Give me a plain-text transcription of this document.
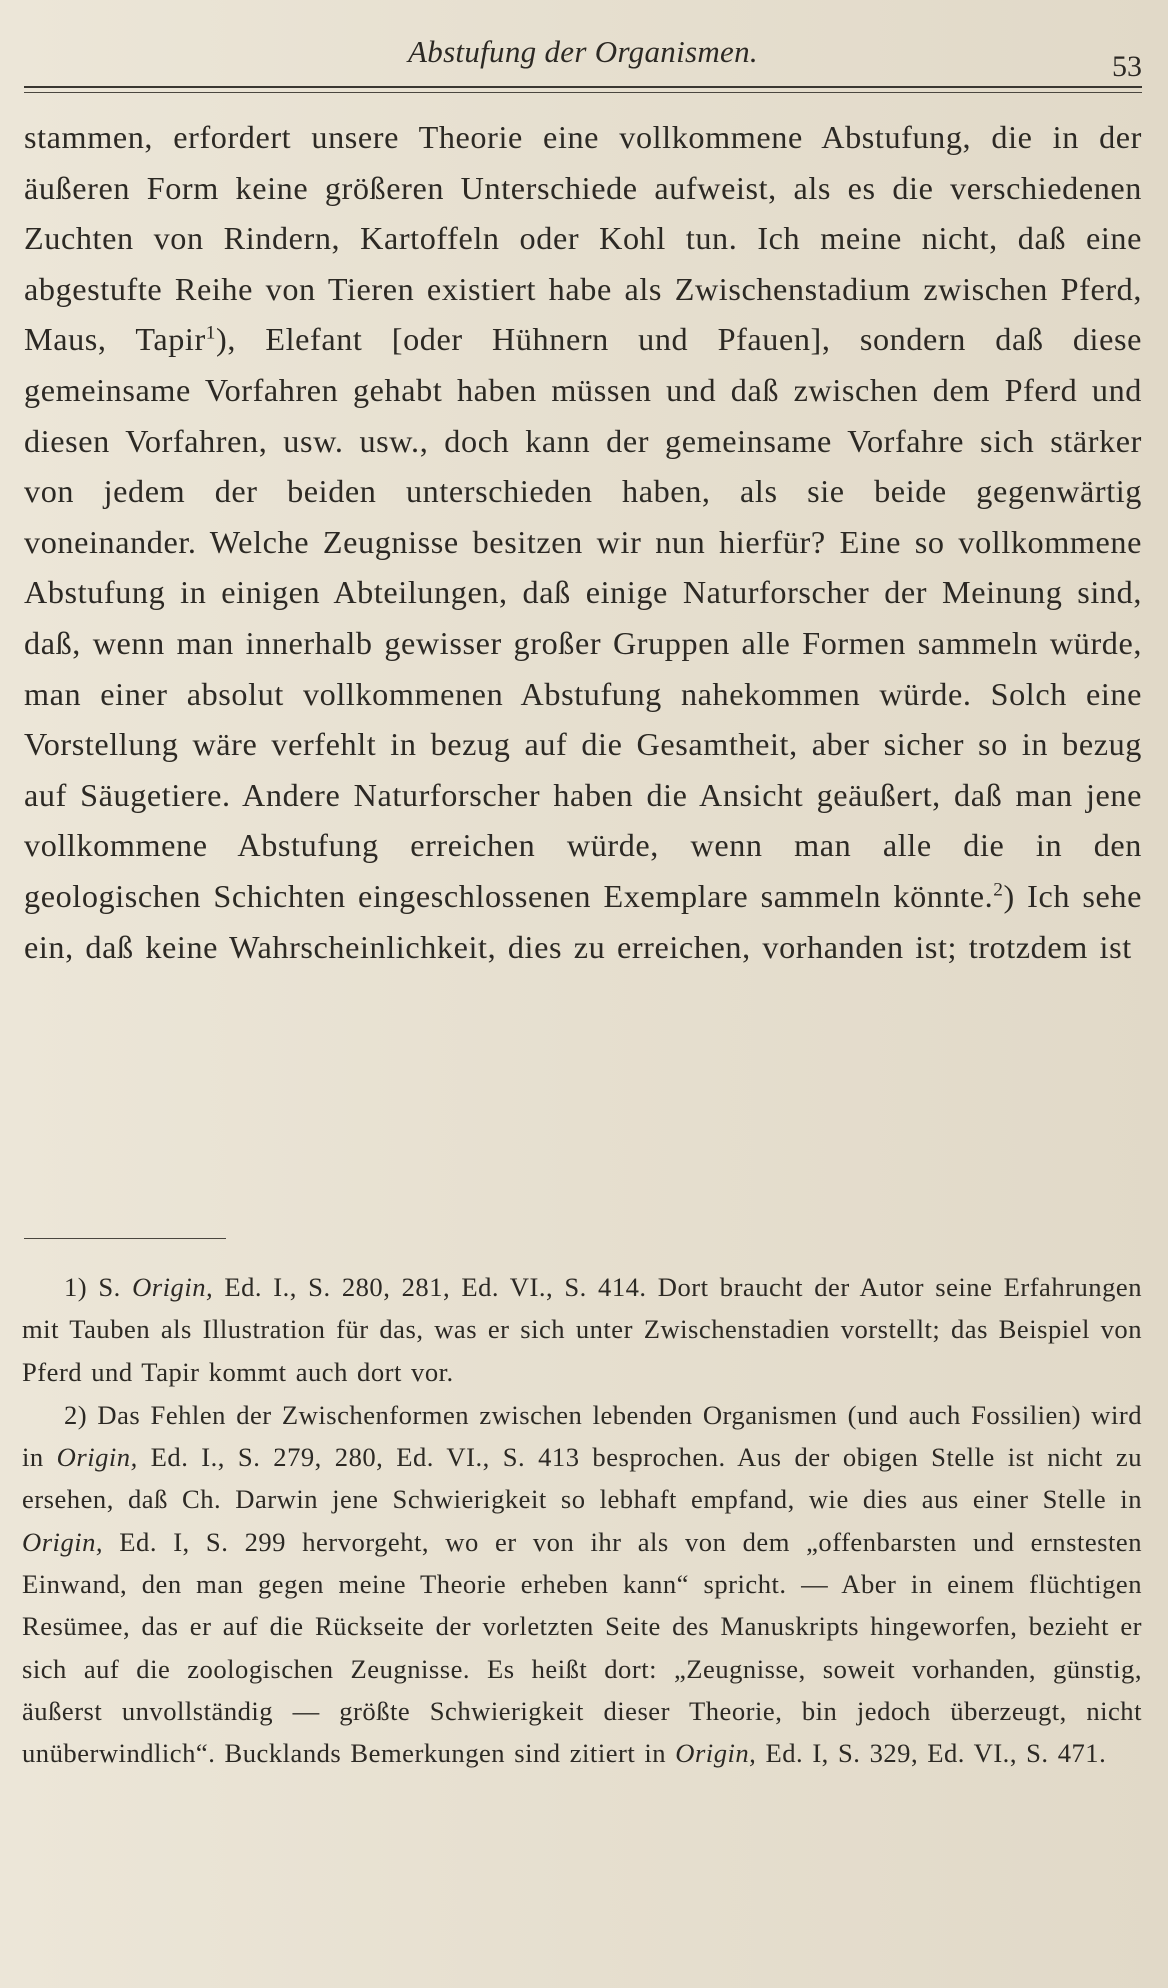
Abstufung der Organismen.	53

stammen, erfordert unsere Theorie eine vollkommene Abstufung, die in der äußeren Form keine größeren Unterschiede aufweist, als es die verschiedenen Zuchten von Rindern, Kartoffeln oder Kohl tun. Ich meine nicht, daß eine abgestufte Reihe von Tieren existiert habe als Zwischenstadium zwischen Pferd, Maus, Tapir$^1$), Elefant [oder Hühnern und Pfauen], sondern daß diese gemeinsame Vorfahren gehabt haben müssen und daß zwischen dem Pferd und diesen Vorfahren, usw. usw., doch kann der gemeinsame Vorfahre sich stärker von jedem der beiden unterschieden haben, als sie beide gegenwärtig voneinander. Welche Zeugnisse besitzen wir nun hierfür? Eine so vollkommene Abstufung in einigen Abteilungen, daß einige Naturforscher der Meinung sind, daß, wenn man innerhalb gewisser großer Gruppen alle Formen sammeln würde, man einer absolut vollkommenen Abstufung nahekommen würde. Solch eine Vorstellung wäre verfehlt in bezug auf die Gesamtheit, aber sicher so in bezug auf Säugetiere. Andere Naturforscher haben die Ansicht geäußert, daß man jene vollkommene Abstufung erreichen würde, wenn man alle die in den geologischen Schichten eingeschlossenen Exemplare sammeln könnte.$^2$) Ich sehe ein, daß keine Wahrscheinlichkeit, dies zu erreichen, vorhanden ist; trotzdem ist

1) S. Origin, Ed. I., S. 280, 281, Ed. VI., S. 414. Dort braucht der Autor seine Erfahrungen mit Tauben als Illustration für das, was er sich unter Zwischenstadien vorstellt; das Beispiel von Pferd und Tapir kommt auch dort vor.

2) Das Fehlen der Zwischenformen zwischen lebenden Organismen (und auch Fossilien) wird in Origin, Ed. I., S. 279, 280, Ed. VI., S. 413 besprochen. Aus der obigen Stelle ist nicht zu ersehen, daß Ch. Darwin jene Schwierigkeit so lebhaft empfand, wie dies aus einer Stelle in Origin, Ed. I, S. 299 hervorgeht, wo er von ihr als von dem „offenbarsten und ernstesten Einwand, den man gegen meine Theorie erheben kann“ spricht. — Aber in einem flüchtigen Resümee, das er auf die Rückseite der vorletzten Seite des Manuskripts hingeworfen, bezieht er sich auf die zoologischen Zeugnisse. Es heißt dort: „Zeugnisse, soweit vorhanden, günstig, äußerst unvollständig — größte Schwierigkeit dieser Theorie, bin jedoch überzeugt, nicht unüberwindlich“. Bucklands Bemerkungen sind zitiert in Origin, Ed. I, S. 329, Ed. VI., S. 471.
